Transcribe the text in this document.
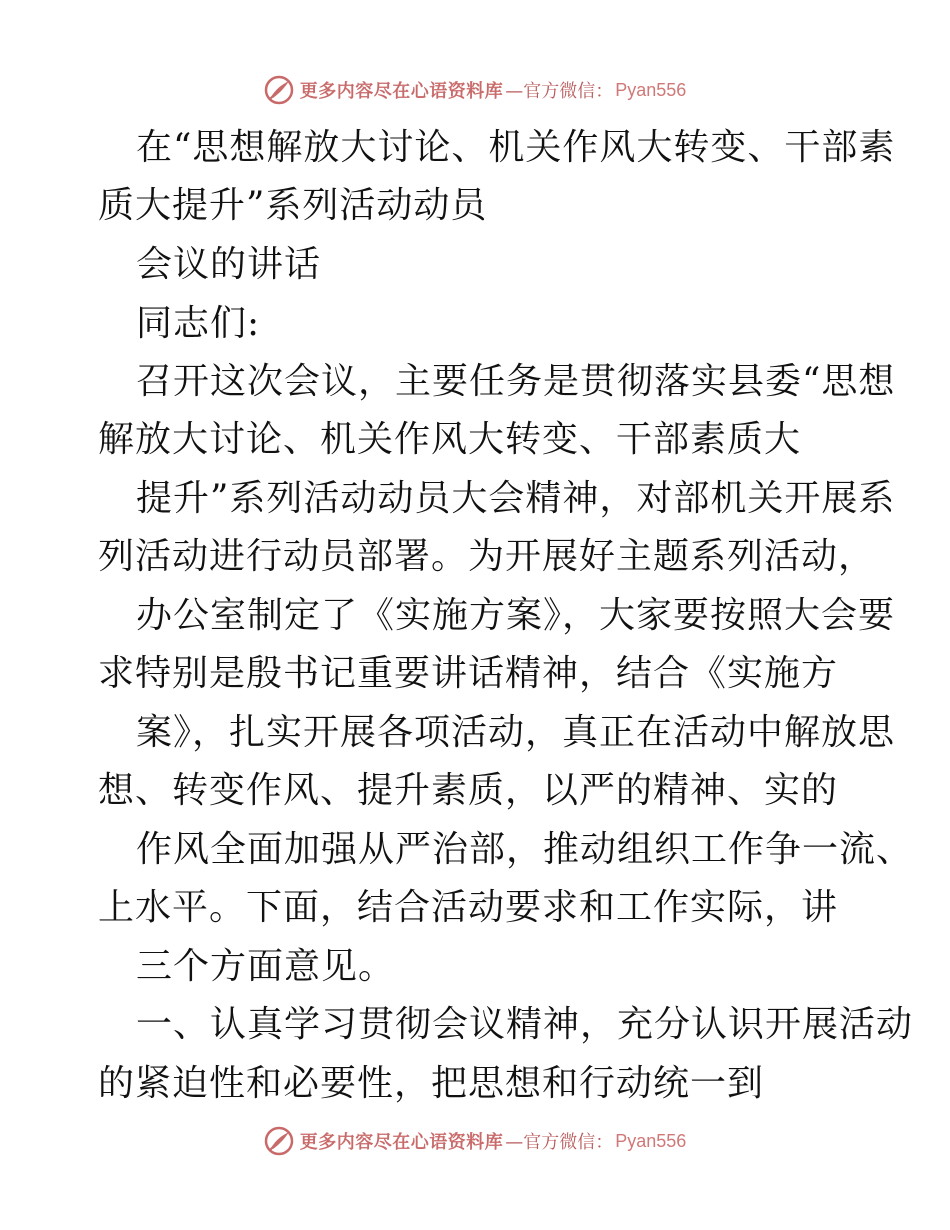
更多内容尽在心语资料库 —官方微信： Pyan556
在“思想解放大讨论、机关作风大转变、干部素
质大提升”系列活动动员
会议的讲话
同志们:
召开这次会议，主要任务是贯彻落实县委“思想
解放大讨论、机关作风大转变、干部素质大
提升”系列活动动员大会精神，对部机关开展系
列活动进行动员部署。为开展好主题系列活动，
办公室制定了《实施方案》，大家要按照大会要
求特别是殷书记重要讲话精神，结合《实施方
案》，扎实开展各项活动，真正在活动中解放思
想、转变作风、提升素质，以严的精神、实的
作风全面加强从严治部，推动组织工作争一流、
上水平。下面，结合活动要求和工作实际，讲
三个方面意见。
一、认真学习贯彻会议精神，充分认识开展活动
的紧迫性和必要性，把思想和行动统一到
更多内容尽在心语资料库 —官方微信： Pyan556
